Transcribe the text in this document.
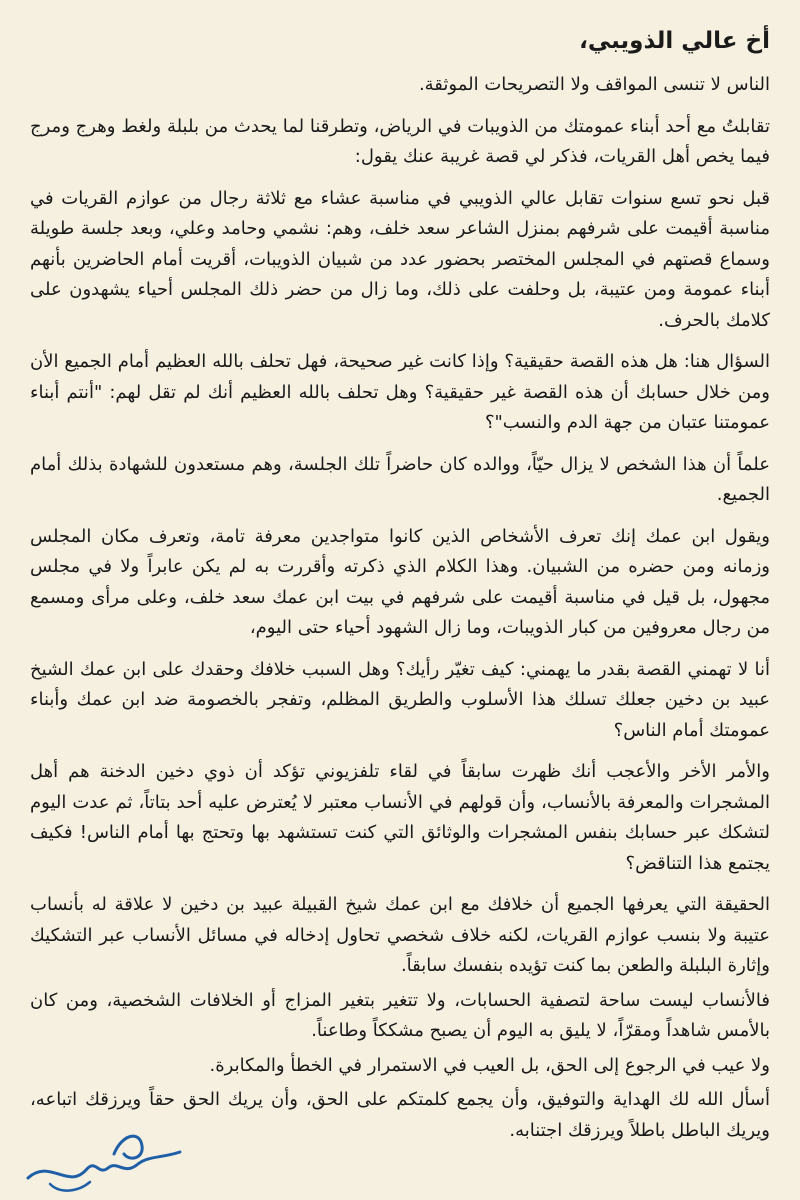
أخ عالي الذويبي،

الناس لا تنسى المواقف ولا التصريحات الموثقة.

تقابلتُ مع أحد أبناء عمومتك من الذويبات في الرياض، وتطرقنا لما يحدث من بلبلة ولغط وهرج ومرج فيما يخص أهل القريات، فذكر لي قصة غريبة عنك يقول:

قبل نحو تسع سنوات تقابل عالي الذويبي في مناسبة عشاء مع ثلاثة رجال من عوازم القريات في مناسبة أقيمت على شرفهم بمنزل الشاعر سعد خلف، وهم: نشمي وحامد وعلي، وبعد جلسة طويلة وسماع قصتهم في المجلس المختصر بحضور عدد من شبيان الذويبات، أقريت أمام الحاضرين بأنهم أبناء عمومة ومن عتيبة، بل وحلفت على ذلك، وما زال من حضر ذلك المجلس أحياء يشهدون على كلامك بالحرف.

السؤال هنا: هل هذه القصة حقيقية؟ وإذا كانت غير صحيحة، فهل تحلف بالله العظيم أمام الجميع الأن ومن خلال حسابك أن هذه القصة غير حقيقية؟ وهل تحلف بالله العظيم أنك لم تقل لهم: "أنتم أبناء عمومتنا عتبان من جهة الدم والنسب"؟

علماً أن هذا الشخص لا يزال حيّاً، ووالده كان حاضراً تلك الجلسة، وهم مستعدون للشهادة بذلك أمام الجميع.

ويقول ابن عمك إنك تعرف الأشخاص الذين كانوا متواجدين معرفة تامة، وتعرف مكان المجلس وزمانه ومن حضره من الشبيان. وهذا الكلام الذي ذكرته وأقررت به لم يكن عابراً ولا في مجلس مجهول، بل قيل في مناسبة أقيمت على شرفهم في بيت ابن عمك سعد خلف، وعلى مرأى ومسمع من رجال معروفين من كبار الذويبات، وما زال الشهود أحياء حتى اليوم،

أنا لا تهمني القصة بقدر ما يهمني: كيف تغيّر رأيك؟ وهل السبب خلافك وحقدك على ابن عمك الشيخ عبيد بن دخين جعلك تسلك هذا الأسلوب والطريق المظلم، وتفجر بالخصومة ضد ابن عمك وأبناء عمومتك أمام الناس؟

والأمر الأخر والأعجب أنك ظهرت سابقاً في لقاء تلفزيوني تؤكد أن ذوي دخين الدخنة هم أهل المشجرات والمعرفة بالأنساب، وأن قولهم في الأنساب معتبر لا يُعترض عليه أحد بتاتاً، ثم عدت اليوم لتشكك عبر حسابك بنفس المشجرات والوثائق التي كنت تستشهد بها وتحتج بها أمام الناس! فكيف يجتمع هذا التناقض؟

الحقيقة التي يعرفها الجميع أن خلافك مع ابن عمك شيخ القبيلة عبيد بن دخين لا علاقة له بأنساب عتيبة ولا بنسب عوازم القريات، لكنه خلاف شخصي تحاول إدخاله في مسائل الأنساب عبر التشكيك وإثارة البلبلة والطعن بما كنت تؤيده بنفسك سابقاً.

فالأنساب ليست ساحة لتصفية الحسابات، ولا تتغير بتغير المزاج أو الخلافات الشخصية، ومن كان بالأمس شاهداً ومقرّاً، لا يليق به اليوم أن يصبح مشككاً وطاعناً.

ولا عيب في الرجوع إلى الحق، بل العيب في الاستمرار في الخطأ والمكابرة.

أسأل الله لك الهداية والتوفيق، وأن يجمع كلمتكم على الحق، وأن يريك الحق حقاً ويرزقك اتباعه، ويريك الباطل باطلاً ويرزقك اجتنابه.
